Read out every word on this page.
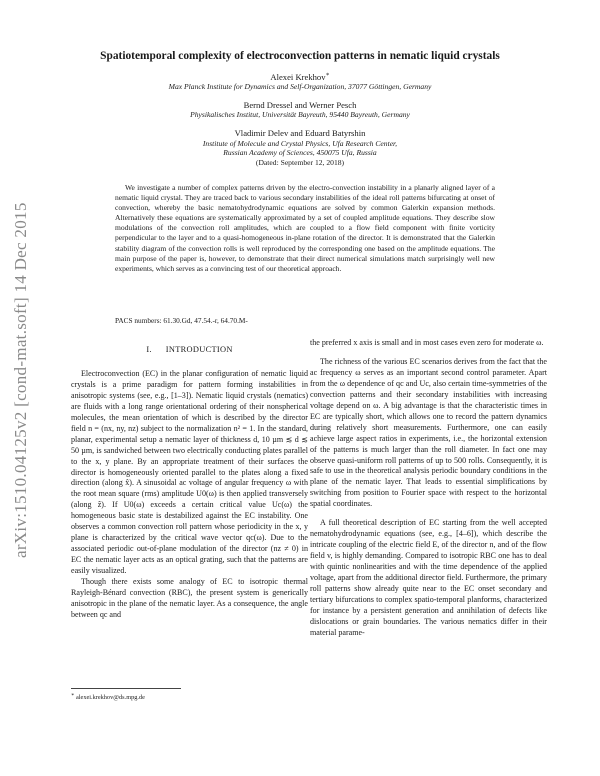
arXiv:1510.04125v2 [cond-mat.soft] 14 Dec 2015
Spatiotemporal complexity of electroconvection patterns in nematic liquid crystals
Alexei Krekhov∗
Max Planck Institute for Dynamics and Self-Organization, 37077 Göttingen, Germany
Bernd Dressel and Werner Pesch
Physikalisches Institut, Universität Bayreuth, 95440 Bayreuth, Germany
Vladimir Delev and Eduard Batyrshin
Institute of Molecule and Crystal Physics, Ufa Research Center,
Russian Academy of Sciences, 450075 Ufa, Russia
(Dated: September 12, 2018)
We investigate a number of complex patterns driven by the electro-convection instability in a planarly aligned layer of a nematic liquid crystal. They are traced back to various secondary instabilities of the ideal roll patterns bifurcating at onset of convection, whereby the basic nematohydrodynamic equations are solved by common Galerkin expansion methods. Alternatively these equations are systematically approximated by a set of coupled amplitude equations. They describe slow modulations of the convection roll amplitudes, which are coupled to a flow field component with finite vorticity perpendicular to the layer and to a quasi-homogeneous in-plane rotation of the director. It is demonstrated that the Galerkin stability diagram of the convection rolls is well reproduced by the corresponding one based on the amplitude equations. The main purpose of the paper is, however, to demonstrate that their direct numerical simulations match surprisingly well new experiments, which serves as a convincing test of our theoretical approach.
PACS numbers: 61.30.Gd, 47.54.-r, 64.70.M-
I. INTRODUCTION

Electroconvection (EC) in the planar configuration of nematic liquid crystals is a prime paradigm for pattern forming instabilities in anisotropic systems (see, e.g., [1–3]). Nematic liquid crystals (nematics) are fluids with a long range orientational ordering of their nonspherical molecules, the mean orientation of which is described by the director field n = (nx, ny, nz) subject to the normalization n² = 1. In the standard, planar, experimental setup a nematic layer of thickness d, 10 µm ≲ d ≲ 50 µm, is sandwiched between two electrically conducting plates parallel to the x, y plane. By an appropriate treatment of their surfaces the director is homogeneously oriented parallel to the plates along a fixed direction (along x̂). A sinusoidal ac voltage of angular frequency ω with the root mean square (rms) amplitude U0(ω) is then applied transversely (along ẑ). If U0(ω) exceeds a certain critical value Uc(ω) the homogeneous basic state is destabilized against the EC instability. One observes a common convection roll pattern whose periodicity in the x, y plane is characterized by the critical wave vector qc(ω). Due to the associated periodic out-of-plane modulation of the director (nz ≠ 0) in EC the nematic layer acts as an optical grating, such that the patterns are easily visualized.

Though there exists some analogy of EC to isotropic thermal Rayleigh-Bénard convection (RBC), the present system is generically anisotropic in the plane of the nematic layer. As a consequence, the angle between qc and

the preferred x axis is small and in most cases even zero for moderate ω.

The richness of the various EC scenarios derives from the fact that the ac frequency ω serves as an important second control parameter. Apart from the ω dependence of qc and Uc, also certain time-symmetries of the convection patterns and their secondary instabilities with increasing voltage depend on ω. A big advantage is that the characteristic times in EC are typically short, which allows one to record the pattern dynamics during relatively short measurements. Furthermore, one can easily achieve large aspect ratios in experiments, i.e., the horizontal extension of the patterns is much larger than the roll diameter. In fact one may observe quasi-uniform roll patterns of up to 500 rolls. Consequently, it is safe to use in the theoretical analysis periodic boundary conditions in the plane of the nematic layer. That leads to essential simplifications by switching from position to Fourier space with respect to the horizontal spatial coordinates.

A full theoretical description of EC starting from the well accepted nematohydrodynamic equations (see, e.g., [4–6]), which describe the intricate coupling of the electric field E, of the director n, and of the flow field v, is highly demanding. Compared to isotropic RBC one has to deal with quintic nonlinearities and with the time dependence of the applied voltage, apart from the additional director field. Furthermore, the primary roll patterns show already quite near to the EC onset secondary and tertiary bifurcations to complex spatio-temporal planforms, characterized for instance by a persistent generation and annihilation of defects like dislocations or grain boundaries. The various nematics differ in their material parame-

∗ alexei.krekhov@ds.mpg.de
